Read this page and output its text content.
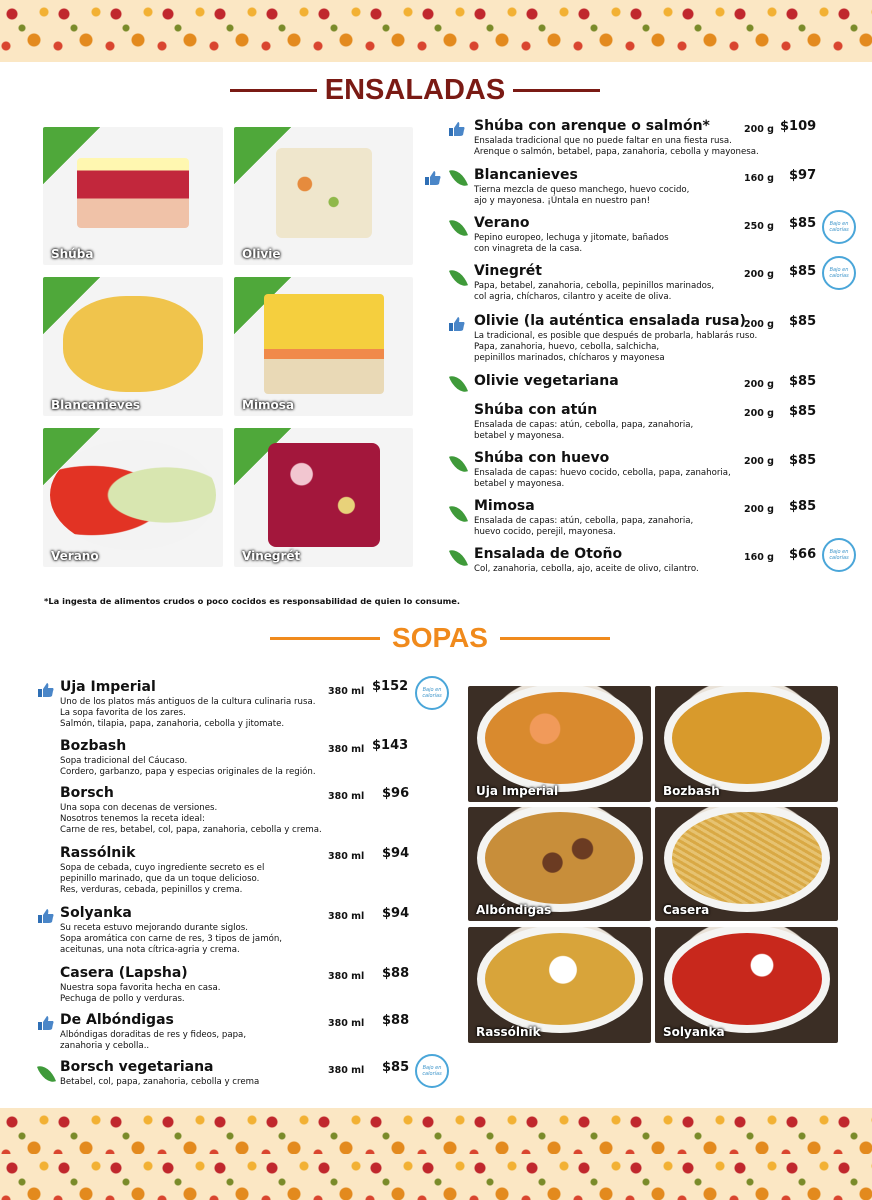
ENSALADAS
Shúba	Olivie
Blancanieves	Mimosa
Verano	Vinegrét
Shúba con arenque o salmón*	200 g $109
Ensalada tradicional que no puede faltar en una fiesta rusa.
Arenque o salmón, betabel, papa, zanahoria, cebolla y mayonesa.
Blancanieves	160 g $97
Tierna mezcla de queso manchego, huevo cocido,
ajo y mayonesa. ¡Úntala en nuestro pan!
Verano	250 g $85
Pepino europeo, lechuga y jitomate, bañados
con vinagreta de la casa.
Bajo en calorías
Vinegrét	200 g $85
Papa, betabel, zanahoria, cebolla, pepinillos marinados,
col agria, chícharos, cilantro y aceite de oliva.
Bajo en calorías
Olivie (la auténtica ensalada rusa)
200 g $85
La tradicional, es posible que después de probarla, hablarás ruso.
Papa, zanahoria, huevo, cebolla, salchicha,
pepinillos marinados, chícharos y mayonesa
Olivie vegetariana	200 g $85
Shúba con atún	200 g $85
Ensalada de capas: atún, cebolla, papa, zanahoria,
betabel y mayonesa.
Shúba con huevo	200 g $85
Ensalada de capas: huevo cocido, cebolla, papa, zanahoria,
betabel y mayonesa.
Mimosa	200 g $85
Ensalada de capas: atún, cebolla, papa, zanahoria,
huevo cocido, perejil, mayonesa.
Ensalada de Otoño	160 g $66
Col, zanahoria, cebolla, ajo, aceite de olivo, cilantro.
Bajo en calorías
*La ingesta de alimentos crudos o poco cocidos es responsabilidad de quien lo consume.
SOPAS
Uja Imperial	380 ml $152
Uno de los platos más antiguos de la cultura culinaria rusa.
La sopa favorita de los zares.
Salmón, tilapia, papa, zanahoria, cebolla y jitomate.
Bajo en calorías
Bozbash	380 ml $143
Sopa tradicional del Cáucaso.
Cordero, garbanzo, papa y especias originales de la región.
Borsch	380 ml $96
Una sopa con decenas de versiones.
Nosotros tenemos la receta ideal:
Carne de res, betabel, col, papa, zanahoria, cebolla y crema.
Rassólnik	380 ml $94
Sopa de cebada, cuyo ingrediente secreto es el
pepinillo marinado, que da un toque delicioso.
Res, verduras, cebada, pepinillos y crema.
Solyanka	380 ml $94
Su receta estuvo mejorando durante siglos.
Sopa aromática con carne de res, 3 tipos de jamón,
aceitunas, una nota cítrica-agria y crema.
Casera (Lapsha)	380 ml $88
Nuestra sopa favorita hecha en casa.
Pechuga de pollo y verduras.
De Albóndigas	380 ml $88
Albóndigas doraditas de res y fideos, papa,
zanahoria y cebolla..
Borsch vegetariana	380 ml $85
Betabel, col, papa, zanahoria, cebolla y crema
Bajo en calorías
Uja Imperial	Bozbash
Albóndigas	Casera
Rassólnik	Solyanka
